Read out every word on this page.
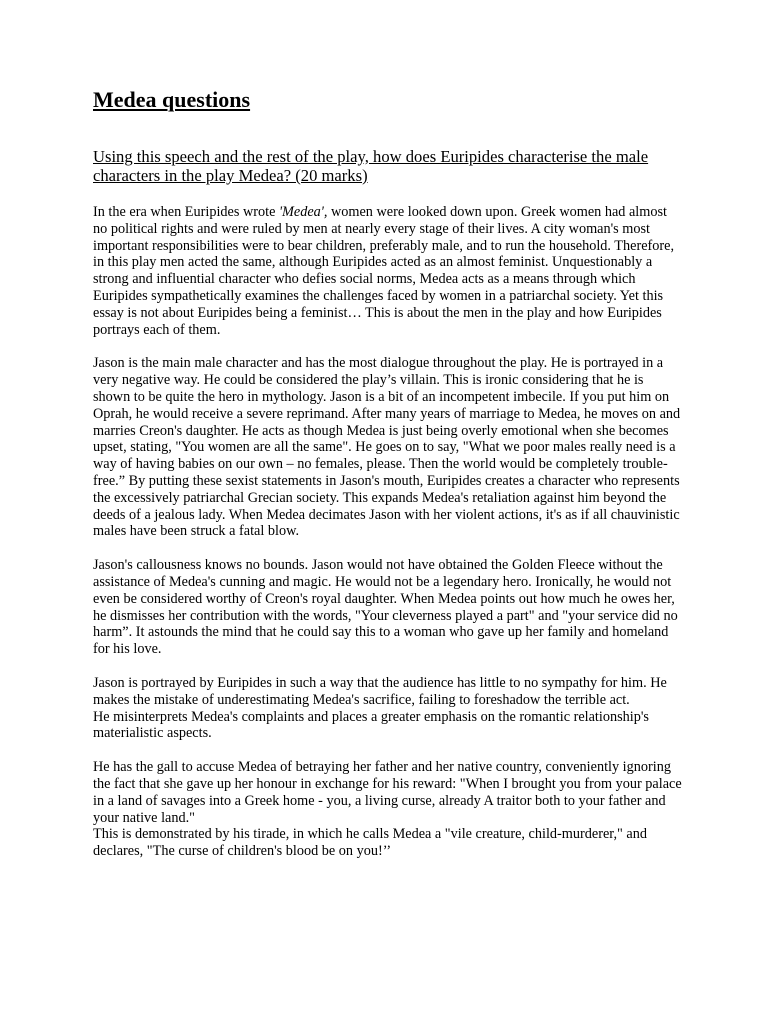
Medea questions
Using this speech and the rest of the play, how does Euripides characterise the male characters in the play Medea? (20 marks)

In the era when Euripides wrote 'Medea', women were looked down upon. Greek women had almost no political rights and were ruled by men at nearly every stage of their lives. A city woman's most important responsibilities were to bear children, preferably male, and to run the household. Therefore, in this play men acted the same, although Euripides acted as an almost feminist. Unquestionably a strong and influential character who defies social norms, Medea acts as a means through which Euripides sympathetically examines the challenges faced by women in a patriarchal society. Yet this essay is not about Euripides being a feminist… This is about the men in the play and how Euripides portrays each of them.

Jason is the main male character and has the most dialogue throughout the play. He is portrayed in a very negative way. He could be considered the play’s villain. This is ironic considering that he is shown to be quite the hero in mythology. Jason is a bit of an incompetent imbecile. If you put him on Oprah, he would receive a severe reprimand. After many years of marriage to Medea, he moves on and marries Creon's daughter. He acts as though Medea is just being overly emotional when she becomes upset, stating, "You women are all the same". He goes on to say, "What we poor males really need is a way of having babies on our own – no females, please. Then the world would be completely trouble-free.” By putting these sexist statements in Jason's mouth, Euripides creates a character who represents the excessively patriarchal Grecian society. This expands Medea's retaliation against him beyond the deeds of a jealous lady. When Medea decimates Jason with her violent actions, it's as if all chauvinistic males have been struck a fatal blow.

Jason's callousness knows no bounds. Jason would not have obtained the Golden Fleece without the assistance of Medea's cunning and magic. He would not be a legendary hero. Ironically, he would not even be considered worthy of Creon's royal daughter. When Medea points out how much he owes her, he dismisses her contribution with the words, "Your cleverness played a part" and "your service did no harm”. It astounds the mind that he could say this to a woman who gave up her family and homeland for his love.

Jason is portrayed by Euripides in such a way that the audience has little to no sympathy for him. He makes the mistake of underestimating Medea's sacrifice, failing to foreshadow the terrible act.

He misinterprets Medea's complaints and places a greater emphasis on the romantic relationship's materialistic aspects.

He has the gall to accuse Medea of betraying her father and her native country, conveniently ignoring the fact that she gave up her honour in exchange for his reward: "When I brought you from your palace in a land of savages into a Greek home - you, a living curse, already A traitor both to your father and your native land."

This is demonstrated by his tirade, in which he calls Medea a "vile creature, child-murderer," and declares, "The curse of children's blood be on you!’’
